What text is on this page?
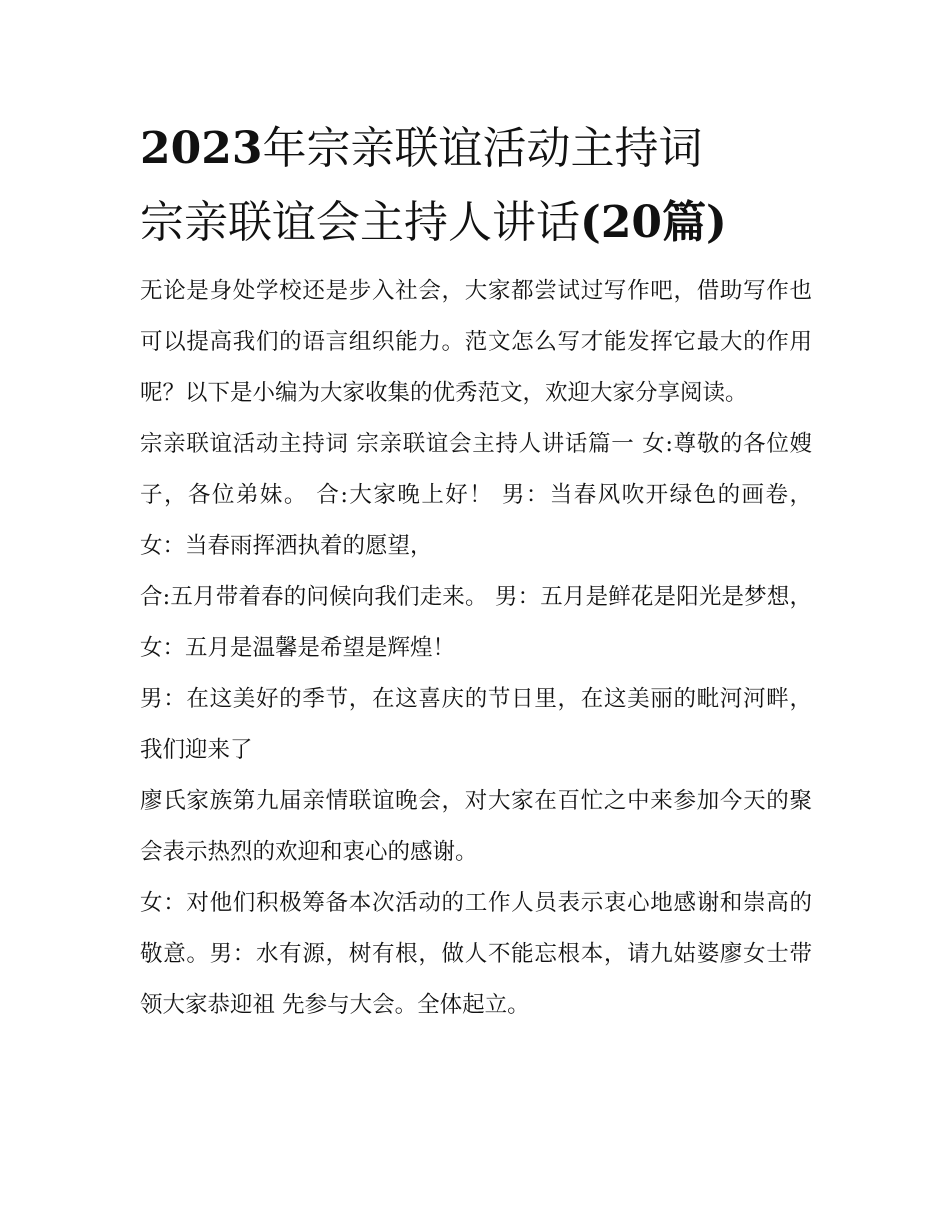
2023年宗亲联谊活动主持词
宗亲联谊会主持人讲话(20篇)

无论是身处学校还是步入社会，大家都尝试过写作吧，借助写作也可以提高我们的语言组织能力。范文怎么写才能发挥它最大的作用呢？以下是小编为大家收集的优秀范文，欢迎大家分享阅读。

宗亲联谊活动主持词 宗亲联谊会主持人讲话篇一 女:尊敬的各位嫂子，各位弟妹。 合:大家晚上好！ 男：当春风吹开绿色的画卷， 女：当春雨挥洒执着的愿望，

合:五月带着春的问候向我们走来。 男：五月是鲜花是阳光是梦想， 女：五月是温馨是希望是辉煌！

男：在这美好的季节，在这喜庆的节日里，在这美丽的毗河河畔，我们迎来了

廖氏家族第九届亲情联谊晚会，对大家在百忙之中来参加今天的聚会表示热烈的欢迎和衷心的感谢。

女：对他们积极筹备本次活动的工作人员表示衷心地感谢和崇高的敬意。男：水有源，树有根，做人不能忘根本，请九姑婆廖女士带领大家恭迎祖 先参与大会。全体起立。
